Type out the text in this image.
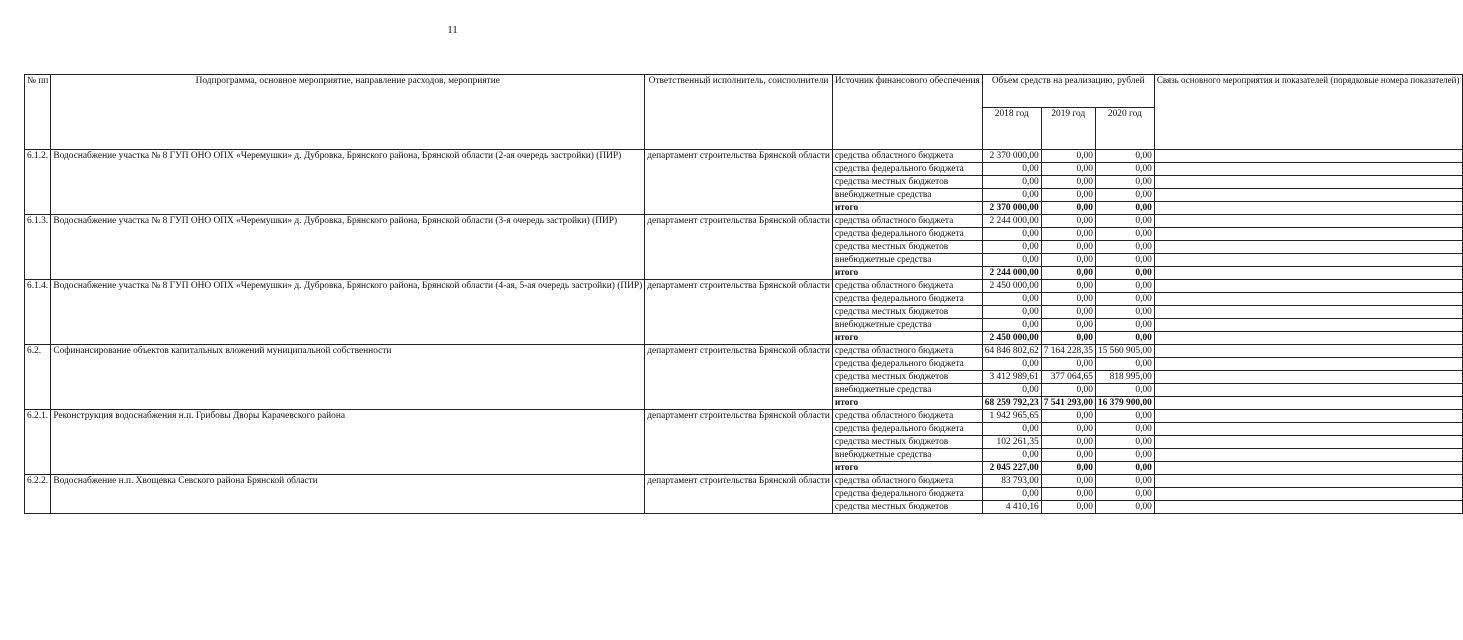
11
№ пп	Подпрограмма, основное мероприятие, направление расходов, мероприятие	Ответственный исполнитель, соисполнители	Источник финансового обеспечения	Объем средств на реализацию, рублей			Связь основного мероприятия и показателей (порядковые номера показателей)
				2018 год	2019 год	2020 год	
6.1.2.	Водоснабжение участка № 8 ГУП ОНО ОПХ «Черемушки» д. Дубровка, Брянского района, Брянской области (2-ая очередь застройки) (ПИР)	департамент строительства Брянской области	средства областного бюджета	2 370 000,00	0,00	0,00	
			средства федерального бюджета	0,00	0,00	0,00	
			средства местных бюджетов	0,00	0,00	0,00	
			внебюджетные средства	0,00	0,00	0,00	
			итого	2 370 000,00	0,00	0,00	
6.1.3.	Водоснабжение участка № 8 ГУП ОНО ОПХ «Черемушки» д. Дубровка, Брянского района, Брянской области (3-я очередь застройки) (ПИР)	департамент строительства Брянской области	средства областного бюджета	2 244 000,00	0,00	0,00	
			средства федерального бюджета	0,00	0,00	0,00	
			средства местных бюджетов	0,00	0,00	0,00	
			внебюджетные средства	0,00	0,00	0,00	
			итого	2 244 000,00	0,00	0,00	
6.1.4.	Водоснабжение участка № 8 ГУП ОНО ОПХ «Черемушки» д. Дубровка, Брянского района, Брянской области (4-ая, 5-ая очередь застройки) (ПИР)	департамент строительства Брянской области	средства областного бюджета	2 450 000,00	0,00	0,00	
			средства федерального бюджета	0,00	0,00	0,00	
			средства местных бюджетов	0,00	0,00	0,00	
			внебюджетные средства	0,00	0,00	0,00	
			итого	2 450 000,00	0,00	0,00	
6.2.	Софинансирование объектов капитальных вложений муниципальной собственности	департамент строительства Брянской области	средства областного бюджета	64 846 802,62	7 164 228,35	15 560 905,00	
			средства федерального бюджета	0,00	0,00	0,00	
			средства местных бюджетов	3 412 989,61	377 064,65	818 995,00	
			внебюджетные средства	0,00	0,00	0,00	
			итого	68 259 792,23	7 541 293,00	16 379 900,00	
6.2.1.	Реконструкция водоснабжения н.п. Грибовы Дворы Карачевского района	департамент строительства Брянской области	средства областного бюджета	1 942 965,65	0,00	0,00	
			средства федерального бюджета	0,00	0,00	0,00	
			средства местных бюджетов	102 261,35	0,00	0,00	
			внебюджетные средства	0,00	0,00	0,00	
			итого	2 045 227,00	0,00	0,00	
6.2.2.	Водоснабжение н.п. Хвощевка Севского района Брянской области	департамент строительства Брянской области	средства областного бюджета	83 793,00	0,00	0,00	
			средства федерального бюджета	0,00	0,00	0,00	
			средства местных бюджетов	4 410,16	0,00	0,00	
